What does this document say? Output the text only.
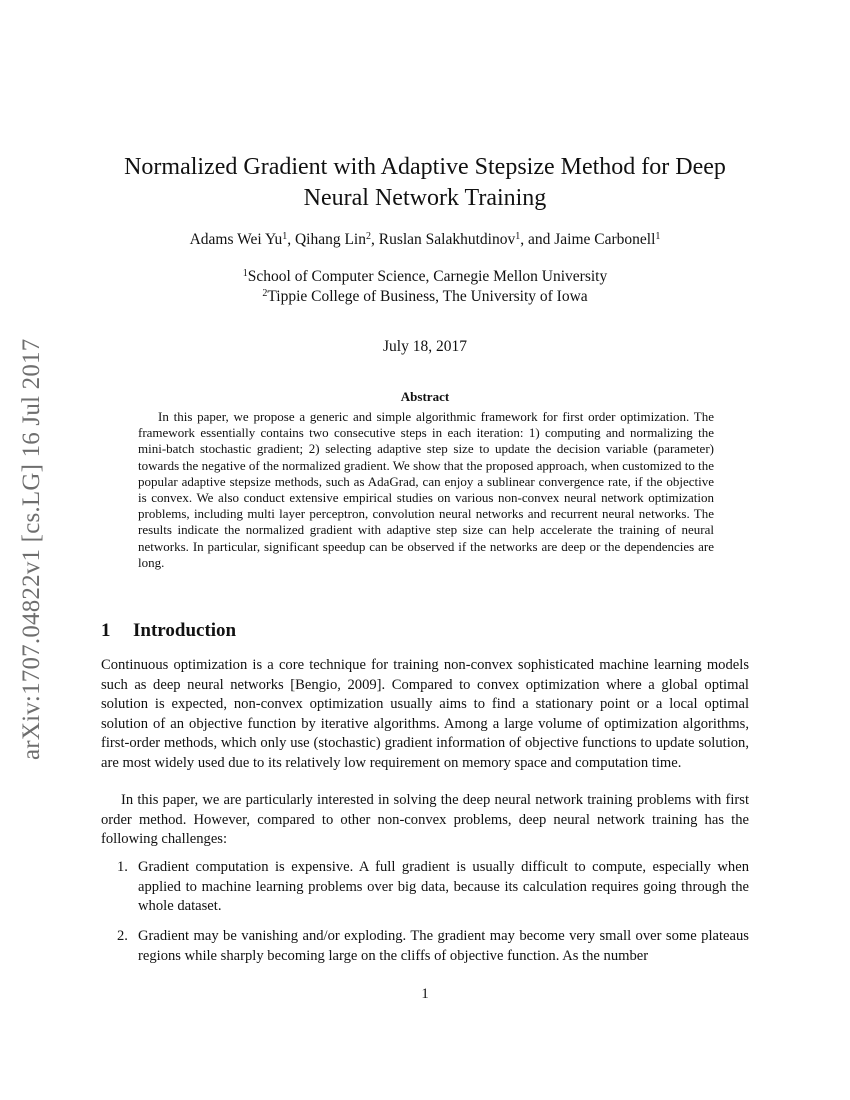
arXiv:1707.04822v1 [cs.LG] 16 Jul 2017
Normalized Gradient with Adaptive Stepsize Method for Deep Neural Network Training
Adams Wei Yu$^1$, Qihang Lin$^2$, Ruslan Salakhutdinov$^1$, and Jaime Carbonell$^1$
$^1$School of Computer Science, Carnegie Mellon University
$^2$Tippie College of Business, The University of Iowa
July 18, 2017
Abstract

In this paper, we propose a generic and simple algorithmic framework for first order optimization. The framework essentially contains two consecutive steps in each iteration: 1) computing and normalizing the mini-batch stochastic gradient; 2) selecting adaptive step size to update the decision variable (parameter) towards the negative of the normalized gradient. We show that the proposed approach, when customized to the popular adaptive stepsize methods, such as AdaGrad, can enjoy a sublinear convergence rate, if the objective is convex. We also conduct extensive empirical studies on various non-convex neural network optimization problems, including multi layer perceptron, convolution neural networks and recurrent neural networks. The results indicate the normalized gradient with adaptive step size can help accelerate the training of neural networks. In particular, significant speedup can be observed if the networks are deep or the dependencies are long.

1 Introduction

Continuous optimization is a core technique for training non-convex sophisticated machine learning models such as deep neural networks [Bengio, 2009]. Compared to convex optimization where a global optimal solution is expected, non-convex optimization usually aims to find a stationary point or a local optimal solution of an objective function by iterative algorithms. Among a large volume of optimization algorithms, first-order methods, which only use (stochastic) gradient information of objective functions to update solution, are most widely used due to its relatively low requirement on memory space and computation time.

In this paper, we are particularly interested in solving the deep neural network training problems with first order method. However, compared to other non-convex problems, deep neural network training has the following challenges:

1. Gradient computation is expensive. A full gradient is usually difficult to compute, especially when applied to machine learning problems over big data, because its calculation requires going through the whole dataset.
2. Gradient may be vanishing and/or exploding. The gradient may become very small over some plateaus regions while sharply becoming large on the cliffs of objective function. As the number
1
